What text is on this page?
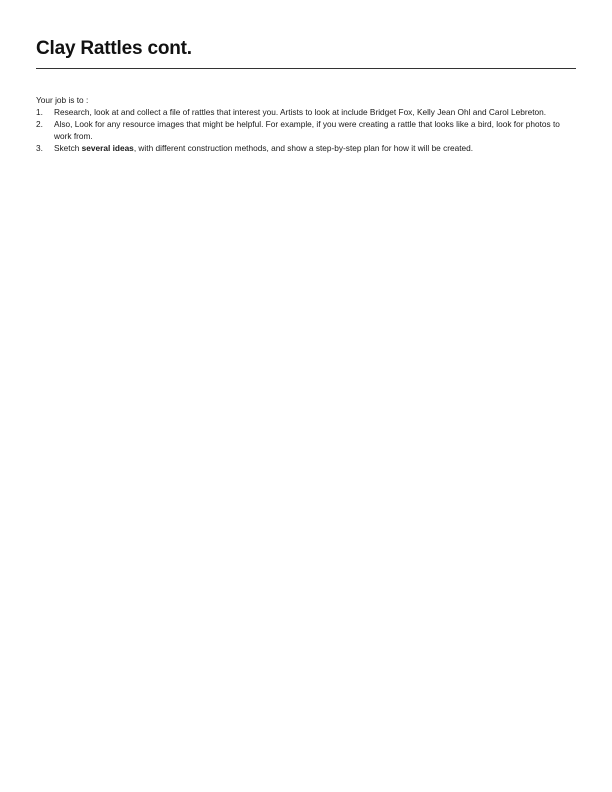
Clay Rattles cont.

Your job is to :

1.	Research, look at and collect a file of rattles that interest you. Artists to look at include Bridget Fox, Kelly Jean Ohl and Carol Lebreton.
2.	Also, Look for any resource images that might be helpful. For example, if you were creating a rattle that looks like a bird, look for photos to work from.
3.	Sketch several ideas, with different construction methods, and show a step-by-step plan for how it will be created.
